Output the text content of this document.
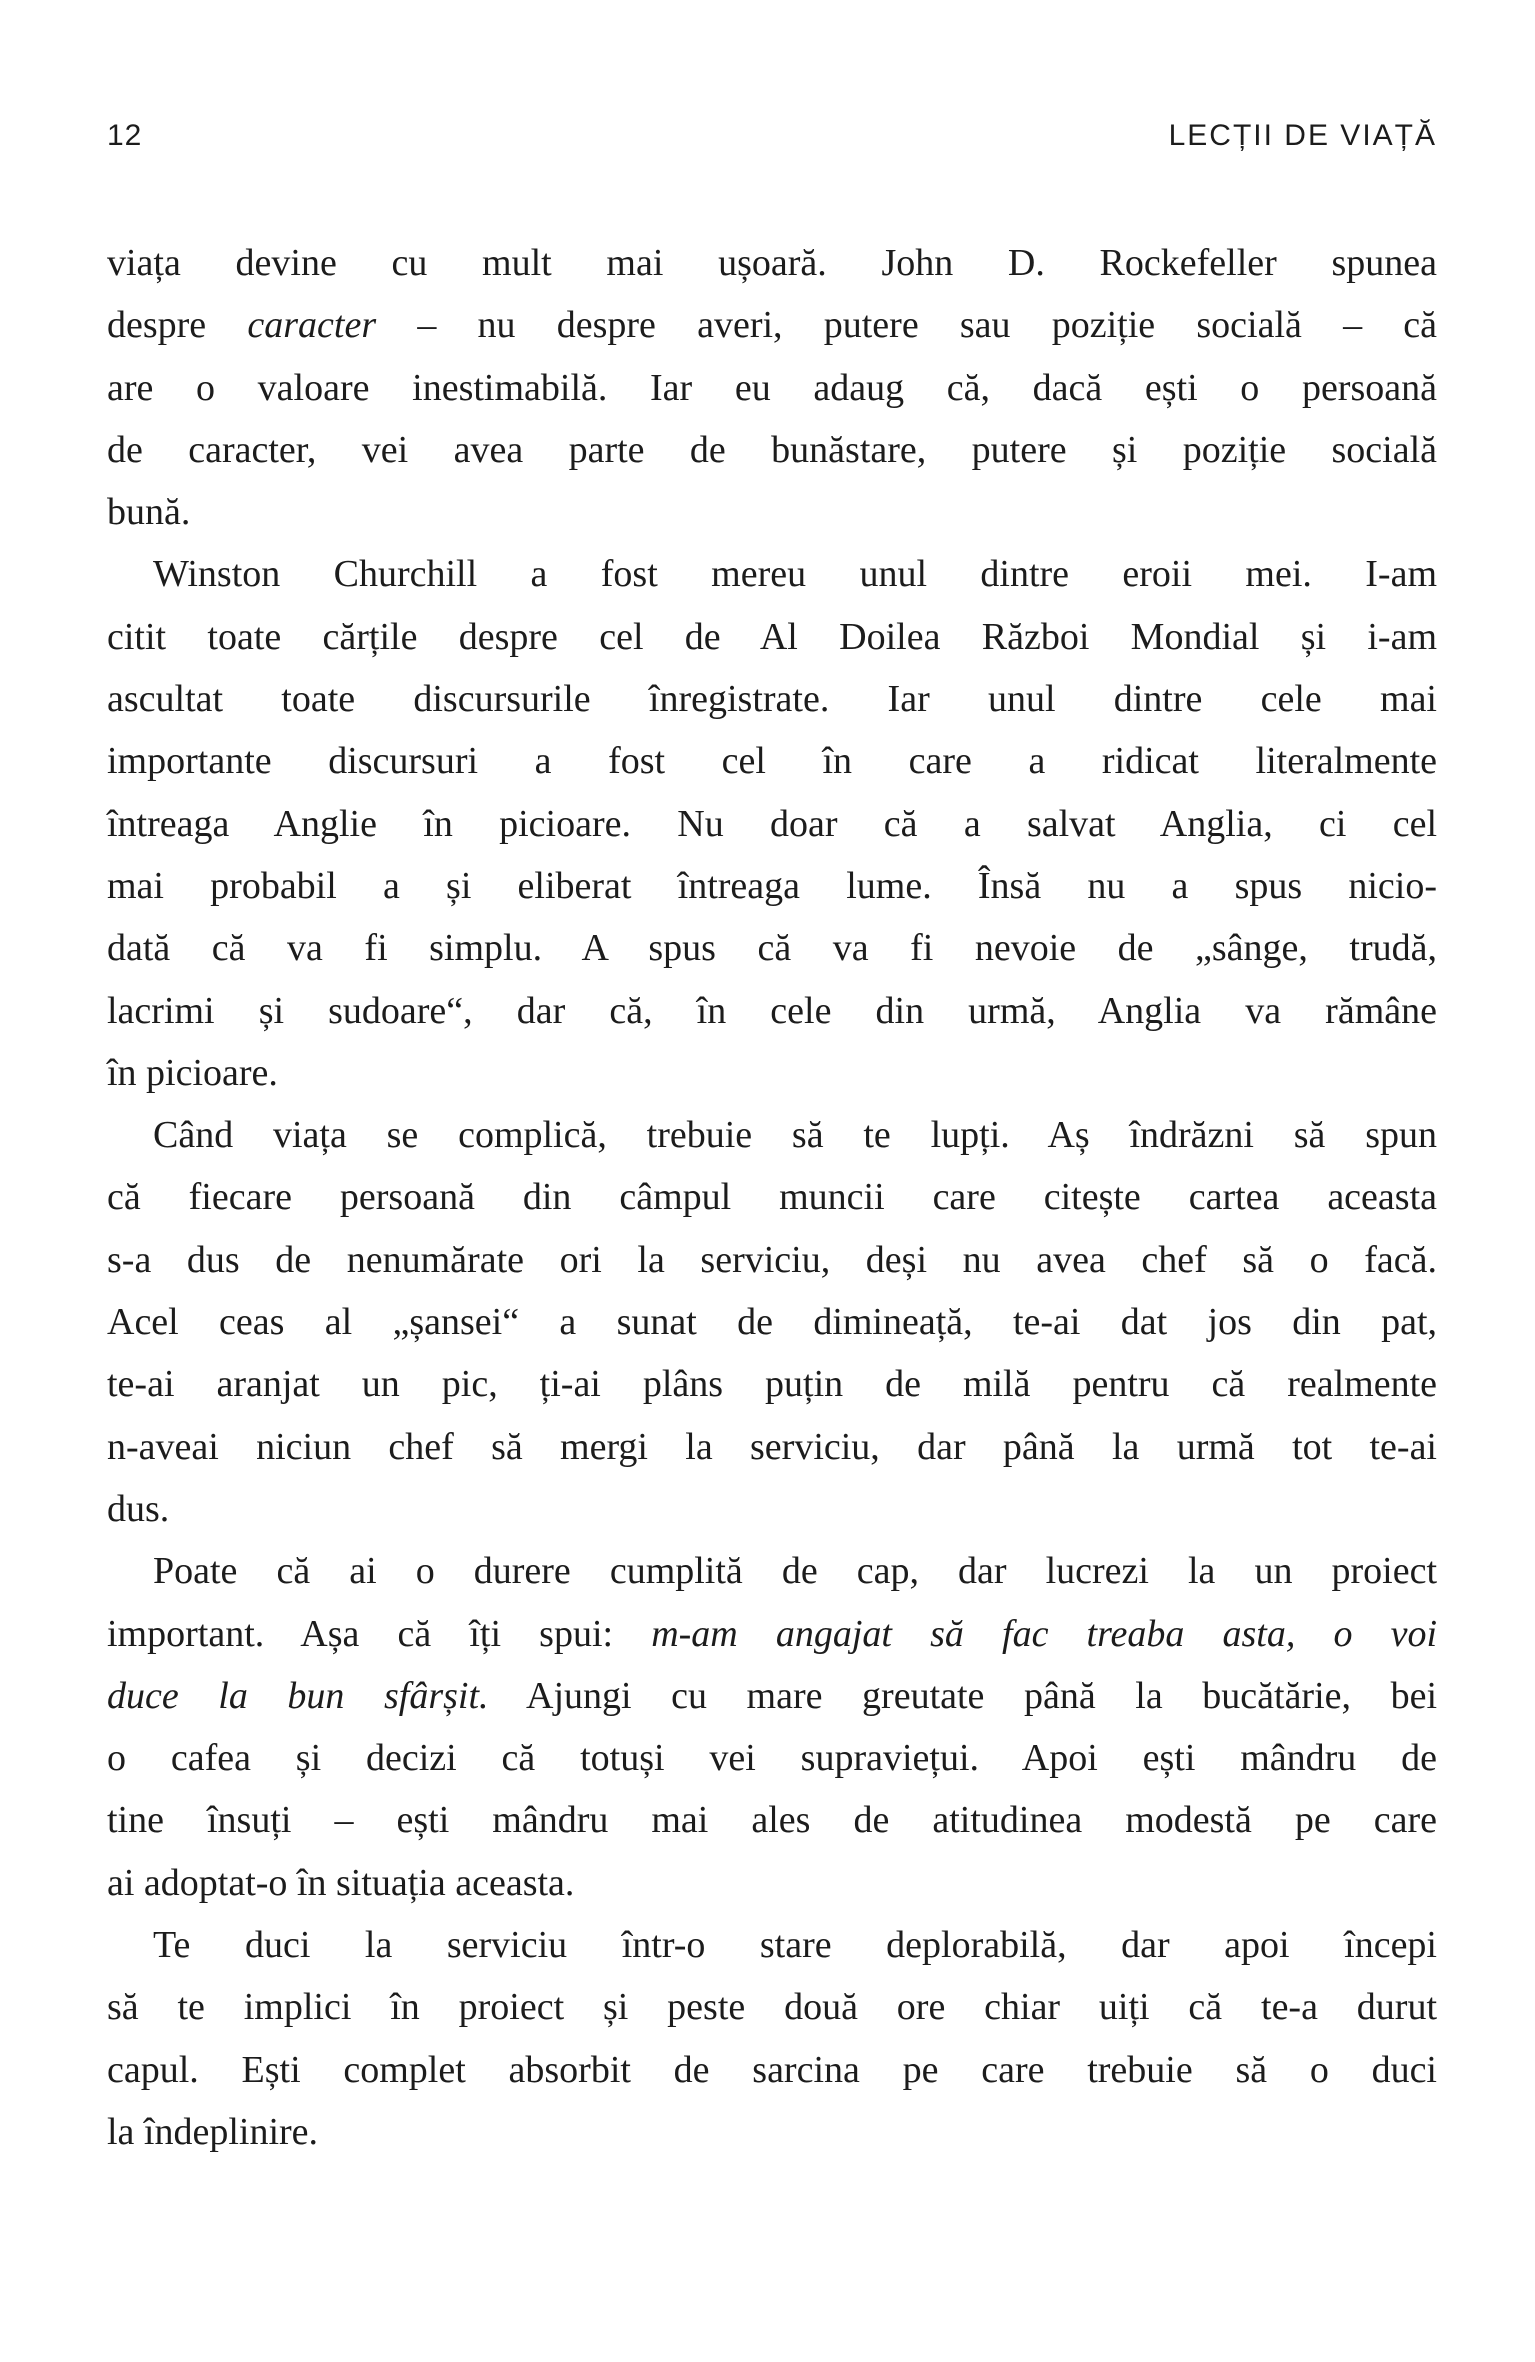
12	LECȚII DE VIAȚĂ
viața devine cu mult mai ușoară. John D. Rockefeller spunea
despre caracter – nu despre averi, putere sau poziție socială – că
are o valoare inestimabilă. Iar eu adaug că, dacă ești o persoană
de caracter, vei avea parte de bunăstare, putere și poziție socială
bună.
Winston Churchill a fost mereu unul dintre eroii mei. I-am
citit toate cărțile despre cel de Al Doilea Război Mondial și i-am
ascultat toate discursurile înregistrate. Iar unul dintre cele mai
importante discursuri a fost cel în care a ridicat literalmente
întreaga Anglie în picioare. Nu doar că a salvat Anglia, ci cel
mai probabil a și eliberat întreaga lume. Însă nu a spus nicio-
dată că va fi simplu. A spus că va fi nevoie de „sânge, trudă,
lacrimi și sudoare“, dar că, în cele din urmă, Anglia va rămâne
în picioare.
Când viața se complică, trebuie să te lupți. Aș îndrăzni să spun
că fiecare persoană din câmpul muncii care citește cartea aceasta
s-a dus de nenumărate ori la serviciu, deși nu avea chef să o facă.
Acel ceas al „șansei“ a sunat de dimineață, te-ai dat jos din pat,
te-ai aranjat un pic, ți-ai plâns puțin de milă pentru că realmente
n-aveai niciun chef să mergi la serviciu, dar până la urmă tot te-ai
dus.
Poate că ai o durere cumplită de cap, dar lucrezi la un proiect
important. Așa că îți spui: m-am angajat să fac treaba asta, o voi
duce la bun sfârșit. Ajungi cu mare greutate până la bucătărie, bei
o cafea și decizi că totuși vei supraviețui. Apoi ești mândru de
tine însuți – ești mândru mai ales de atitudinea modestă pe care
ai adoptat-o în situația aceasta.
Te duci la serviciu într-o stare deplorabilă, dar apoi începi
să te implici în proiect și peste două ore chiar uiți că te-a durut
capul. Ești complet absorbit de sarcina pe care trebuie să o duci
la îndeplinire.
